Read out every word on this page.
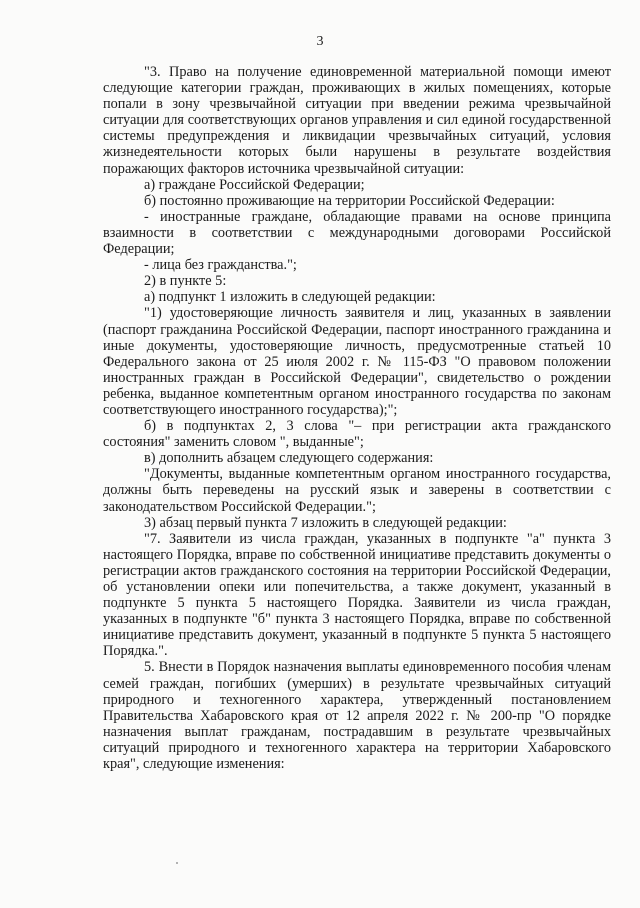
3

"3. Право на получение единовременной материальной помощи имеют следующие категории граждан, проживающих в жилых помещениях, которые попали в зону чрезвычайной ситуации при введении режима чрезвычайной ситуации для соответствующих органов управления и сил единой государственной системы предупреждения и ликвидации чрезвычайных ситуаций, условия жизнедеятельности которых были нарушены в результате воздействия поражающих факторов источника чрезвычайной ситуации:

а) граждане Российской Федерации;

б) постоянно проживающие на территории Российской Федерации:

- иностранные граждане, обладающие правами на основе принципа взаимности в соответствии с международными договорами Российской Федерации;

- лица без гражданства.";

2) в пункте 5:

а) подпункт 1 изложить в следующей редакции:

"1) удостоверяющие личность заявителя и лиц, указанных в заявлении (паспорт гражданина Российской Федерации, паспорт иностранного гражданина и иные документы, удостоверяющие личность, предусмотренные статьей 10 Федерального закона от 25 июля 2002 г. № 115-ФЗ "О правовом положении иностранных граждан в Российской Федерации", свидетельство о рождении ребенка, выданное компетентным органом иностранного государства по законам соответствующего иностранного государства);";

б) в подпунктах 2, 3 слова "– при регистрации акта гражданского состояния" заменить словом ", выданные";

в) дополнить абзацем следующего содержания:

"Документы, выданные компетентным органом иностранного государства, должны быть переведены на русский язык и заверены в соответствии с законодательством Российской Федерации.";

3) абзац первый пункта 7 изложить в следующей редакции:

"7. Заявители из числа граждан, указанных в подпункте "а" пункта 3 настоящего Порядка, вправе по собственной инициативе представить документы о регистрации актов гражданского состояния на территории Российской Федерации, об установлении опеки или попечительства, а также документ, указанный в подпункте 5 пункта 5 настоящего Порядка. Заявители из числа граждан, указанных в подпункте "б" пункта 3 настоящего Порядка, вправе по собственной инициативе представить документ, указанный в подпункте 5 пункта 5 настоящего Порядка.".

5. Внести в Порядок назначения выплаты единовременного пособия членам семей граждан, погибших (умерших) в результате чрезвычайных ситуаций природного и техногенного характера, утвержденный постановлением Правительства Хабаровского края от 12 апреля 2022 г. № 200-пр "О порядке назначения выплат гражданам, пострадавшим в результате чрезвычайных ситуаций природного и техногенного характера на территории Хабаровского края", следующие изменения:
